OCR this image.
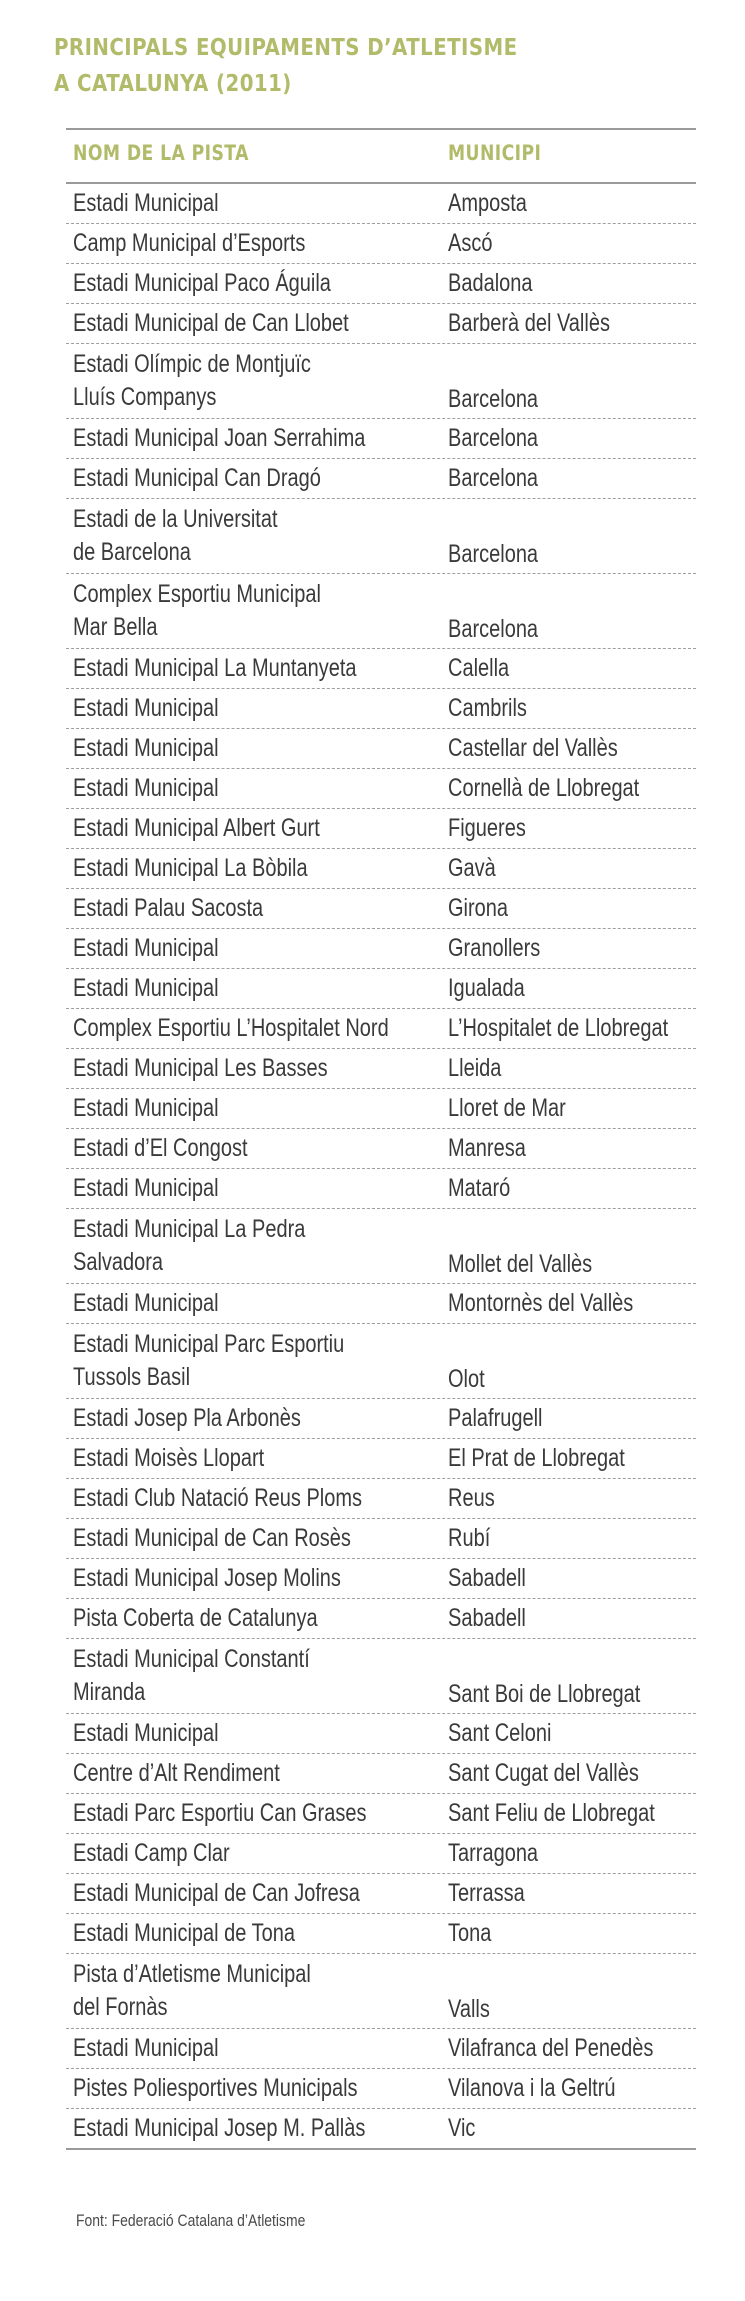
PRINCIPALS EQUIPAMENTS D’ATLETISME
A CATALUNYA (2011)
NOM DE LA PISTA	MUNICIPI
Estadi Municipal	Amposta
Camp Municipal d’Esports	Ascó
Estadi Municipal Paco Águila	Badalona
Estadi Municipal de Can Llobet	Barberà del Vallès
Estadi Olímpic de Montjuïc
Lluís Companys	Barcelona
Estadi Municipal Joan Serrahima	Barcelona
Estadi Municipal Can Dragó	Barcelona
Estadi de la Universitat
de Barcelona	Barcelona
Complex Esportiu Municipal
Mar Bella	Barcelona
Estadi Municipal La Muntanyeta	Calella
Estadi Municipal	Cambrils
Estadi Municipal	Castellar del Vallès
Estadi Municipal	Cornellà de Llobregat
Estadi Municipal Albert Gurt	Figueres
Estadi Municipal La Bòbila	Gavà
Estadi Palau Sacosta	Girona
Estadi Municipal	Granollers
Estadi Municipal	Igualada
Complex Esportiu L’Hospitalet Nord	L’Hospitalet de Llobregat
Estadi Municipal Les Basses	Lleida
Estadi Municipal	Lloret de Mar
Estadi d’El Congost	Manresa
Estadi Municipal	Mataró
Estadi Municipal La Pedra
Salvadora	Mollet del Vallès
Estadi Municipal	Montornès del Vallès
Estadi Municipal Parc Esportiu
Tussols Basil	Olot
Estadi Josep Pla Arbonès	Palafrugell
Estadi Moisès Llopart	El Prat de Llobregat
Estadi Club Natació Reus Ploms	Reus
Estadi Municipal de Can Rosès	Rubí
Estadi Municipal Josep Molins	Sabadell
Pista Coberta de Catalunya	Sabadell
Estadi Municipal Constantí
Miranda	Sant Boi de Llobregat
Estadi Municipal	Sant Celoni
Centre d’Alt Rendiment	Sant Cugat del Vallès
Estadi Parc Esportiu Can Grases	Sant Feliu de Llobregat
Estadi Camp Clar	Tarragona
Estadi Municipal de Can Jofresa	Terrassa
Estadi Municipal de Tona	Tona
Pista d’Atletisme Municipal
del Fornàs	Valls
Estadi Municipal	Vilafranca del Penedès
Pistes Poliesportives Municipals	Vilanova i la Geltrú
Estadi Municipal Josep M. Pallàs	Vic
Font: Federació Catalana d’Atletisme
